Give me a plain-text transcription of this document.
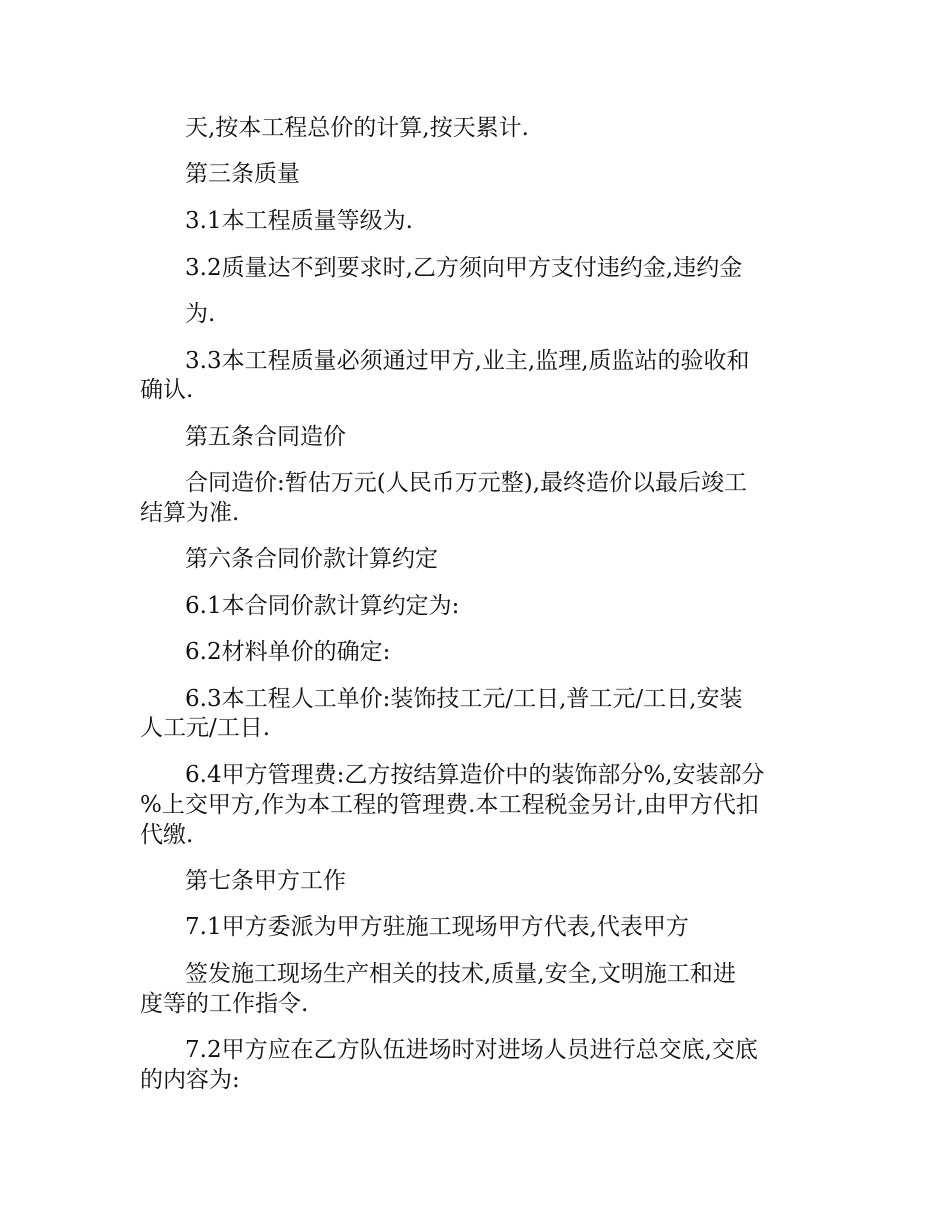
天,按本工程总价的计算,按天累计.
第三条质量
3.1本工程质量等级为.
3.2质量达不到要求时,乙方须向甲方支付违约金,违约金
为.
3.3本工程质量必须通过甲方,业主,监理,质监站的验收和
确认.
第五条合同造价
合同造价:暂估万元(人民币万元整),最终造价以最后竣工
结算为准.
第六条合同价款计算约定
6.1本合同价款计算约定为:
6.2材料单价的确定:
6.3本工程人工单价:装饰技工元/工日,普工元/工日,安装
人工元/工日.
6.4甲方管理费:乙方按结算造价中的装饰部分%,安装部分
%上交甲方,作为本工程的管理费.本工程税金另计,由甲方代扣
代缴.
第七条甲方工作
7.1甲方委派为甲方驻施工现场甲方代表,代表甲方
签发施工现场生产相关的技术,质量,安全,文明施工和进
度等的工作指令.
7.2甲方应在乙方队伍进场时对进场人员进行总交底,交底
的内容为:
